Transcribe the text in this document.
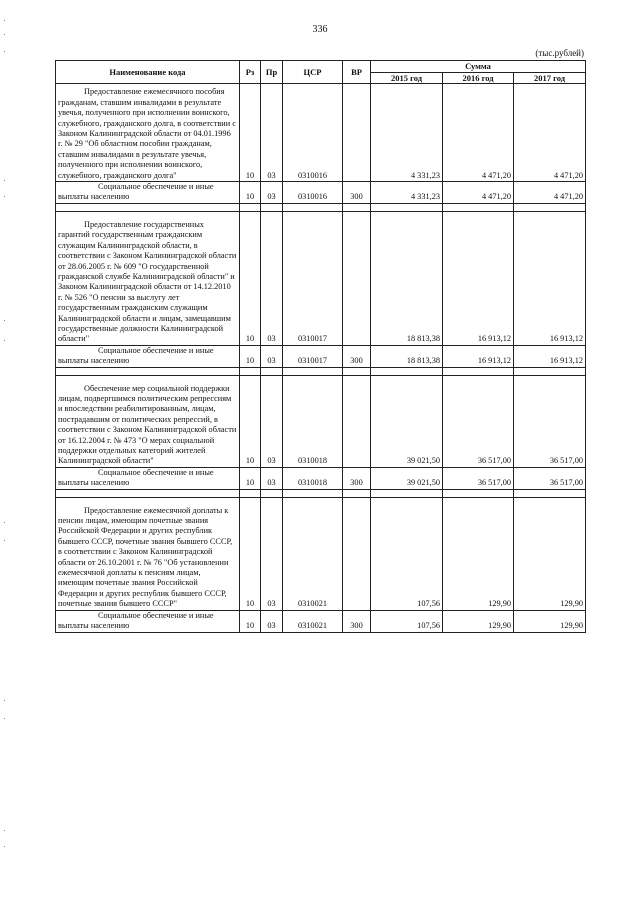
336
(тыс.рублей)
Наименование кода	Рз	Пр	ЦСР	ВР	Сумма		
					2015 год	2016 год	2017 год

Предоставление ежемесячного пособия гражданам, ставшим инвалидами в результате увечья, полученного при исполнении воинского, служебного, гражданского долга, в соответствии с Законом Калининградской области от 04.01.1996 г. № 29 "Об областном пособии гражданам, ставшим инвалидами в результате увечья, полученного при исполнении воинского, служебного, гражданского долга"	10	03	0310016		4 331,23	4 471,20	4 471,20

Социальное обеспечение и иные выплаты населению	10	03	0310016	300	4 331,23	4 471,20	4 471,20

Предоставление государственных гарантий государственным гражданским служащим Калининградской области, в соответствии с Законом Калининградской области от 28.06.2005 г. № 609 "О государственной гражданской службе Калининградской области" и Законом Калининградской области от 14.12.2010 г. № 526 "О пенсии за выслугу лет государственным гражданским служащим Калининградской области и лицам, замещавшим государственные должности Калининградской области"	10	03	0310017		18 813,38	16 913,12	16 913,12

Социальное обеспечение и иные выплаты населению	10	03	0310017	300	18 813,38	16 913,12	16 913,12

Обеспечение мер социальной поддержки лицам, подвергшимся политическим репрессиям и впоследствии реабилитированным, лицам, пострадавшим от политических репрессий, в соответствии с Законом Калининградской области от 16.12.2004 г. № 473 "О мерах социальной поддержки отдельных категорий жителей Калининградской области"	10	03	0310018		39 021,50	36 517,00	36 517,00

Социальное обеспечение и иные выплаты населению	10	03	0310018	300	39 021,50	36 517,00	36 517,00

Предоставление ежемесячной доплаты к пенсии лицам, имеющим почетные звания Российской Федерации и других республик бывшего СССР, почетные звания бывшего СССР, в соответствии с Законом Калининградской области от 26.10.2001 г. № 76 "Об установлении ежемесячной доплаты к пенсиям лицам, имеющим почетные звания Российской Федерации и других республик бывшего СССР, почетные звания бывшего СССР"	10	03	0310021		107,56	129,90	129,90

Социальное обеспечение и иные выплаты населению	10	03	0310021	300	107,56	129,90	129,90
